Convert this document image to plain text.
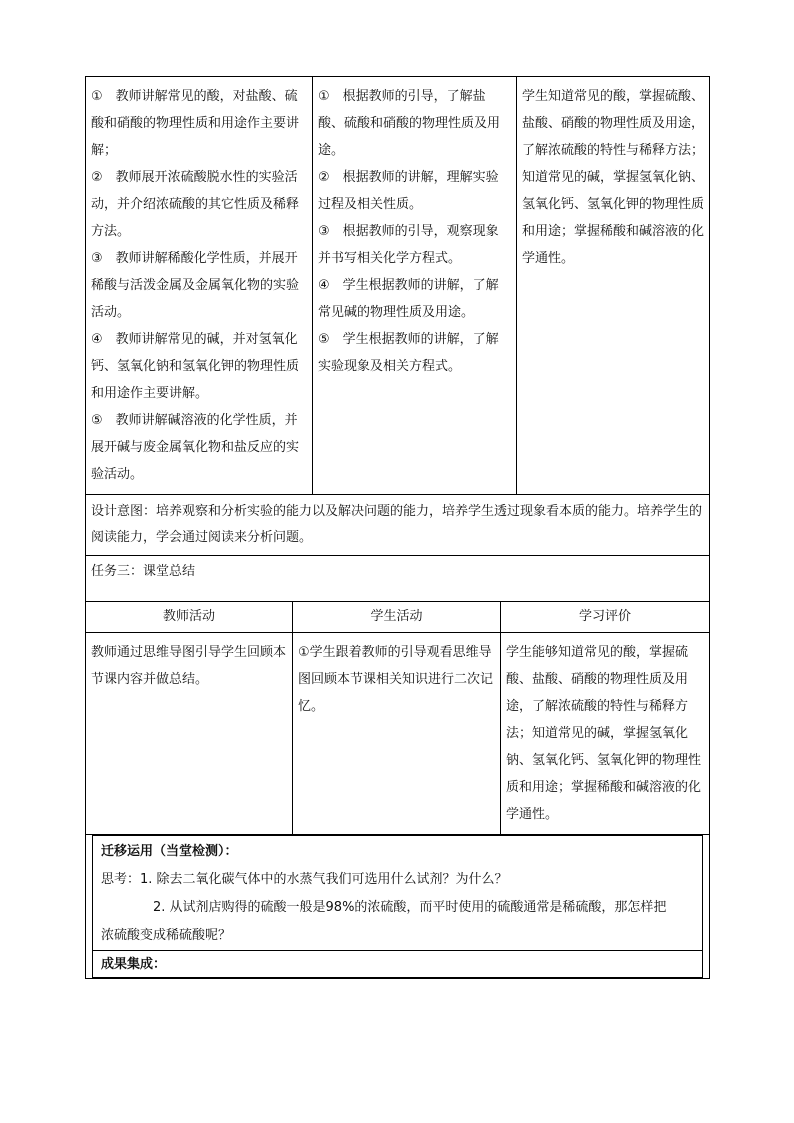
①　教师讲解常见的酸，对盐酸、硫酸和硝酸的物理性质和用途作主要讲解；
②　教师展开浓硫酸脱水性的实验活动，并介绍浓硫酸的其它性质及稀释方法。
③　教师讲解稀酸化学性质，并展开稀酸与活泼金属及金属氧化物的实验活动。
④　教师讲解常见的碱，并对氢氧化钙、氢氧化钠和氢氧化钾的物理性质和用途作主要讲解。
⑤　教师讲解碱溶液的化学性质，并展开碱与废金属氧化物和盐反应的实验活动。

①　根据教师的引导，了解盐酸、硫酸和硝酸的物理性质及用途。
②　根据教师的讲解，理解实验过程及相关性质。
③　根据教师的引导，观察现象并书写相关化学方程式。
④　学生根据教师的讲解，了解常见碱的物理性质及用途。
⑤　学生根据教师的讲解，了解实验现象及相关方程式。
	学生知道常见的酸，掌握硫酸、盐酸、硝酸的物理性质及用途，了解浓硫酸的特性与稀释方法；知道常见的碱，掌握氢氧化钠、氢氧化钙、氢氧化钾的物理性质和用途；掌握稀酸和碱溶液的化学通性。
设计意图：培养观察和分析实验的能力以及解决问题的能力，培养学生透过现象看本质的能力。培养学生的阅读能力，学会通过阅读来分析问题。		
任务三：课堂总结		
教师活动	学生活动	学习评价
教师通过思维导图引导学生回顾本节课内容并做总结。	①学生跟着教师的引导观看思维导图回顾本节课相关知识进行二次记忆。	学生能够知道常见的酸，掌握硫酸、盐酸、硝酸的物理性质及用途，了解浓硫酸的特性与稀释方法；知道常见的碱，掌握氢氧化钠、氢氧化钙、氢氧化钾的物理性质和用途；掌握稀酸和碱溶液的化学通性。

迁移运用（当堂检测）：

思考：1. 除去二氧化碳气体中的水蒸气我们可选用什么试剂？为什么？

2. 从试剂店购得的硫酸一般是98%的浓硫酸，而平时使用的硫酸通常是稀硫酸，那怎样把

浓硫酸变成稀硫酸呢？

成果集成：		
